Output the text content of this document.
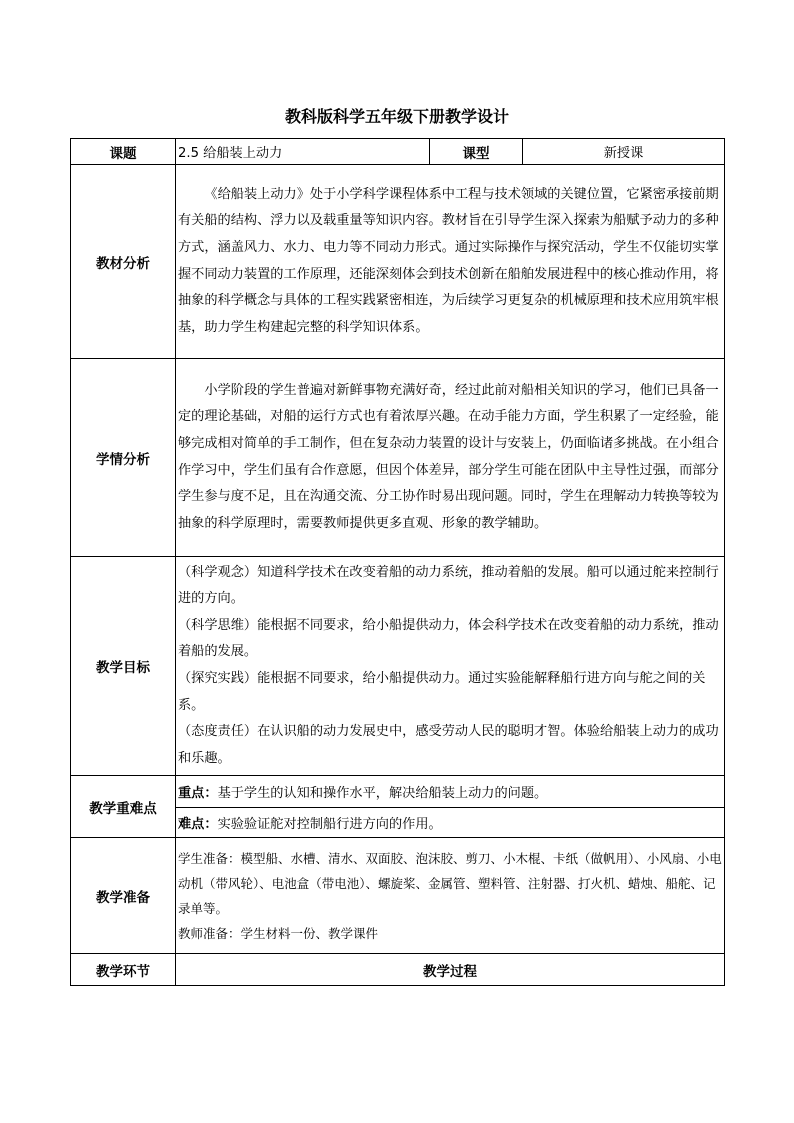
教科版科学五年级下册教学设计
课题	2.5 给船装上动力	课型	新授课
教材分析	《给船装上动力》处于小学科学课程体系中工程与技术领域的关键位置，它紧密承接前期有关船的结构、浮力以及载重量等知识内容。教材旨在引导学生深入探索为船赋予动力的多种方式，涵盖风力、水力、电力等不同动力形式。通过实际操作与探究活动，学生不仅能切实掌握不同动力装置的工作原理，还能深刻体会到技术创新在船舶发展进程中的核心推动作用，将抽象的科学概念与具体的工程实践紧密相连，为后续学习更复杂的机械原理和技术应用筑牢根基，助力学生构建起完整的科学知识体系。		

学情分析	小学阶段的学生普遍对新鲜事物充满好奇，经过此前对船相关知识的学习，他们已具备一定的理论基础，对船的运行方式也有着浓厚兴趣。在动手能力方面，学生积累了一定经验，能够完成相对简单的手工制作，但在复杂动力装置的设计与安装上，仍面临诸多挑战。在小组合作学习中，学生们虽有合作意愿，但因个体差异，部分学生可能在团队中主导性过强，而部分学生参与度不足，且在沟通交流、分工协作时易出现问题。同时，学生在理解动力转换等较为抽象的科学原理时，需要教师提供更多直观、形象的教学辅助。		

教学目标	（科学观念）知道科学技术在改变着船的动力系统，推动着船的发展。船可以通过舵来控制行进的方向。

（科学思维）能根据不同要求，给小船提供动力，体会科学技术在改变着船的动力系统，推动着船的发展。

（探究实践）能根据不同要求，给小船提供动力。通过实验能解释船行进方向与舵之间的关系。

（态度责任）在认识船的动力发展史中，感受劳动人民的聪明才智。体验给船装上动力的成功和乐趣。		

教学重难点	重点：基于学生的认知和操作水平，解决给船装上动力的问题。		
	难点：实验验证舵对控制船行进方向的作用。		
教学准备	学生准备：模型船、水槽、清水、双面胶、泡沫胶、剪刀、小木棍、卡纸（做帆用）、小风扇、小电动机（带风轮）、电池盒（带电池）、螺旋桨、金属管、塑料管、注射器、打火机、蜡烛、船舵、记录单等。

教师准备：学生材料一份、教学课件		

教学环节	教学过程		
